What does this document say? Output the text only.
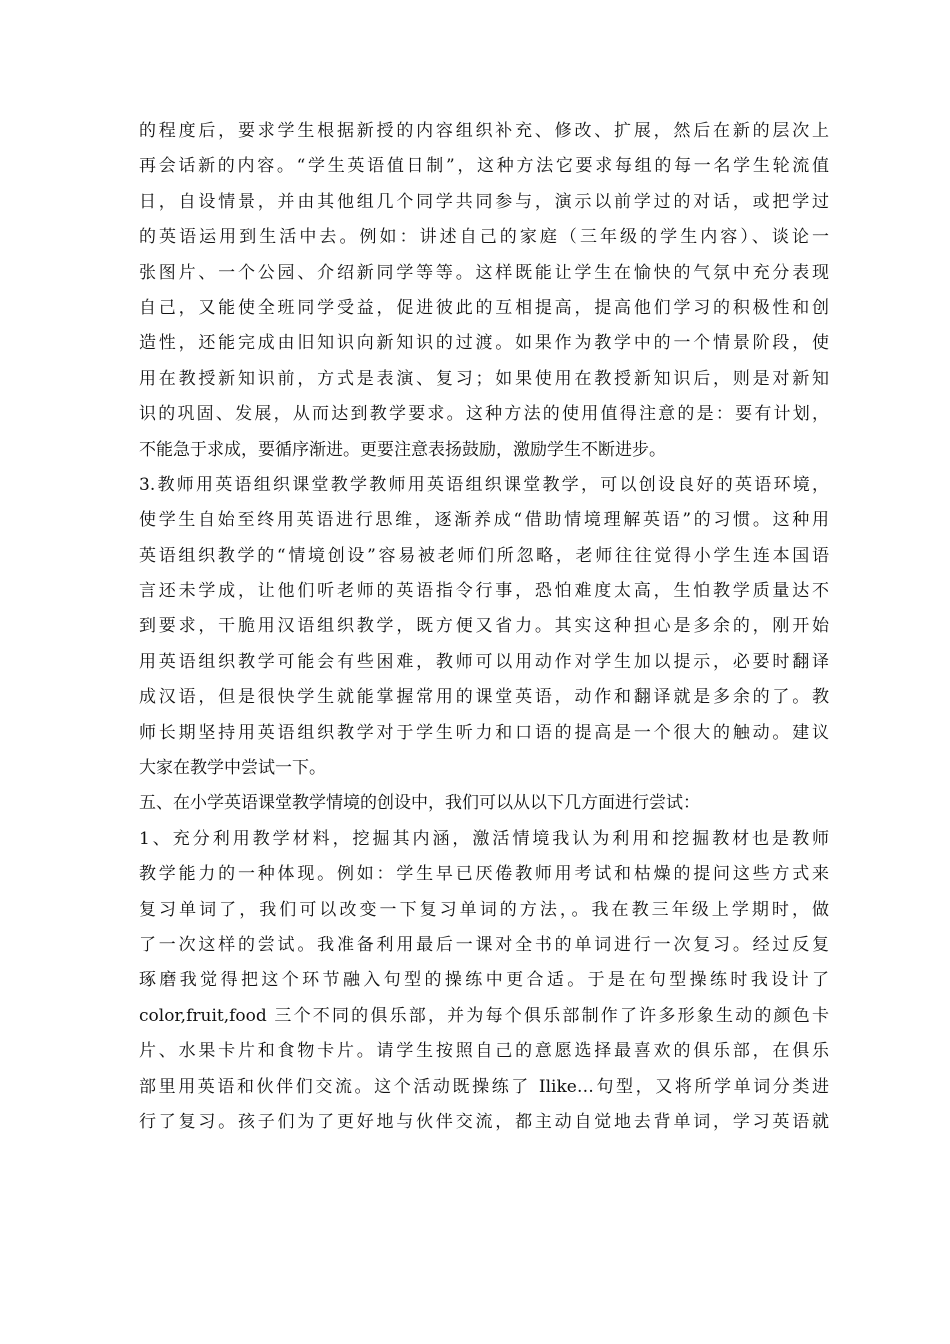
的程度后，要求学生根据新授的内容组织补充、修改、扩展，然后在新的层次上
再会话新的内容。“学生英语值日制”，这种方法它要求每组的每一名学生轮流值
日，自设情景，并由其他组几个同学共同参与，演示以前学过的对话，或把学过
的英语运用到生活中去。例如：讲述自己的家庭（三年级的学生内容）、谈论一
张图片、一个公园、介绍新同学等等。这样既能让学生在愉快的气氛中充分表现
自己，又能使全班同学受益，促进彼此的互相提高，提高他们学习的积极性和创
造性，还能完成由旧知识向新知识的过渡。如果作为教学中的一个情景阶段，使
用在教授新知识前，方式是表演、复习；如果使用在教授新知识后，则是对新知
识的巩固、发展，从而达到教学要求。这种方法的使用值得注意的是：要有计划，
不能急于求成，要循序渐进。更要注意表扬鼓励，激励学生不断进步。
3.教师用英语组织课堂教学教师用英语组织课堂教学，可以创设良好的英语环境，
使学生自始至终用英语进行思维，逐渐养成“借助情境理解英语”的习惯。这种用
英语组织教学的“情境创设”容易被老师们所忽略，老师往往觉得小学生连本国语
言还未学成，让他们听老师的英语指令行事，恐怕难度太高，生怕教学质量达不
到要求，干脆用汉语组织教学，既方便又省力。其实这种担心是多余的，刚开始
用英语组织教学可能会有些困难，教师可以用动作对学生加以提示，必要时翻译
成汉语，但是很快学生就能掌握常用的课堂英语，动作和翻译就是多余的了。教
师长期坚持用英语组织教学对于学生听力和口语的提高是一个很大的触动。建议
大家在教学中尝试一下。
五、在小学英语课堂教学情境的创设中，我们可以从以下几方面进行尝试：
1、充分利用教学材料，挖掘其内涵，激活情境我认为利用和挖掘教材也是教师
教学能力的一种体现。例如：学生早已厌倦教师用考试和枯燥的提问这些方式来
复习单词了，我们可以改变一下复习单词的方法，。我在教三年级上学期时，做
了一次这样的尝试。我准备利用最后一课对全书的单词进行一次复习。经过反复
琢磨我觉得把这个环节融入句型的操练中更合适。于是在句型操练时我设计了
color,fruit,food 三个不同的俱乐部，并为每个俱乐部制作了许多形象生动的颜色卡
片、水果卡片和食物卡片。请学生按照自己的意愿选择最喜欢的俱乐部，在俱乐
部里用英语和伙伴们交流。这个活动既操练了 Ilike…句型，又将所学单词分类进
行了复习。孩子们为了更好地与伙伴交流，都主动自觉地去背单词，学习英语就
